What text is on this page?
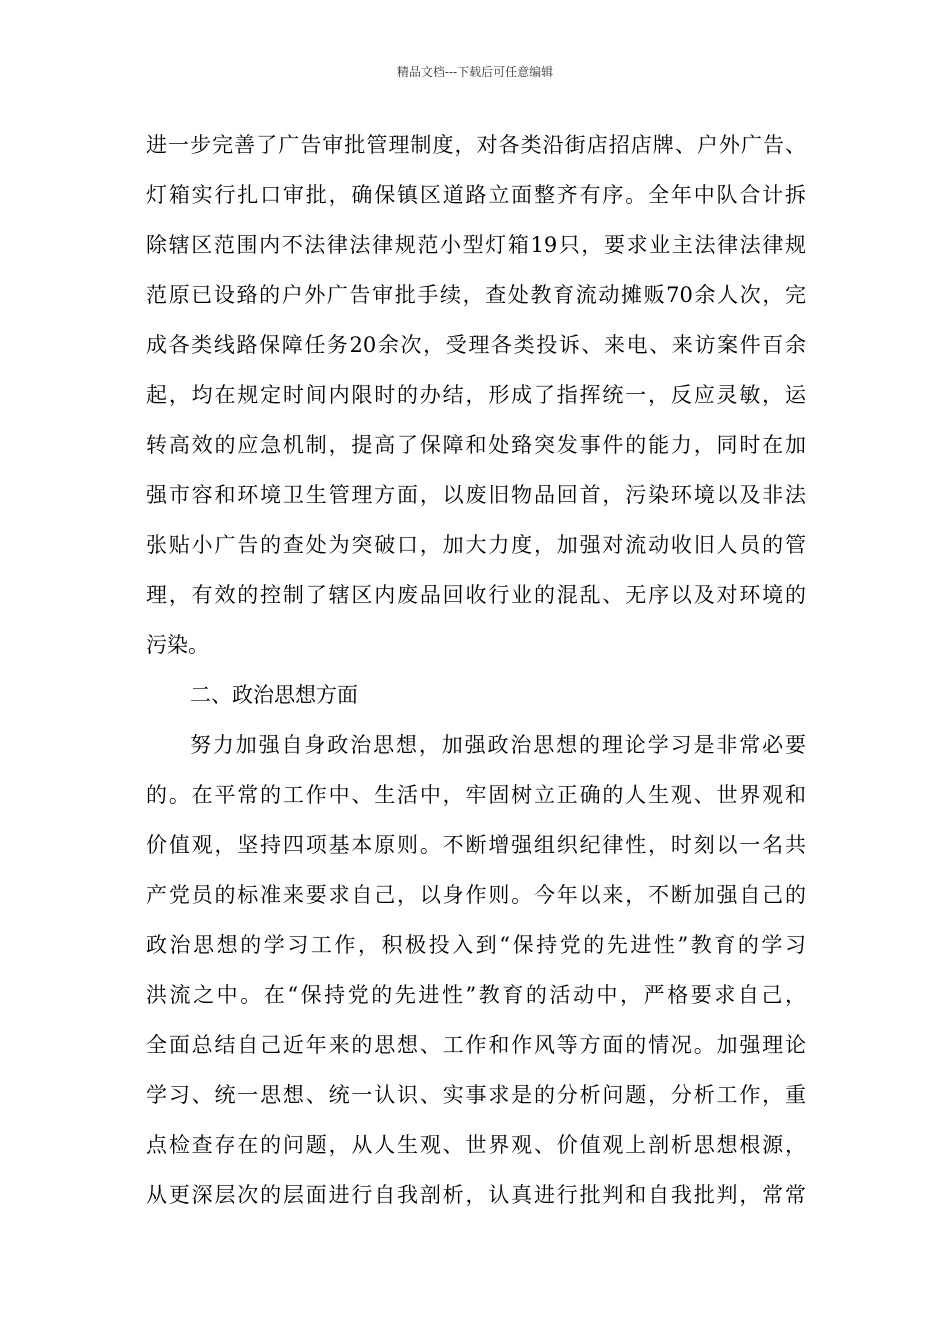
精品文档---下载后可任意编辑
进一步完善了广告审批管理制度，对各类沿街店招店牌、户外广告、
灯箱实行扎口审批，确保镇区道路立面整齐有序。全年中队合计拆
除辖区范围内不法律法律规范小型灯箱19只，要求业主法律法律规
范原已设臵的户外广告审批手续，查处教育流动摊贩70余人次，完
成各类线路保障任务20余次，受理各类投诉、来电、来访案件百余
起，均在规定时间内限时的办结，形成了指挥统一，反应灵敏，运
转高效的应急机制，提高了保障和处臵突发事件的能力，同时在加
强市容和环境卫生管理方面，以废旧物品回首，污染环境以及非法
张贴小广告的查处为突破口，加大力度，加强对流动收旧人员的管
理，有效的控制了辖区内废品回收行业的混乱、无序以及对环境的
污染。
二、政治思想方面
努力加强自身政治思想，加强政治思想的理论学习是非常必要
的。在平常的工作中、生活中，牢固树立正确的人生观、世界观和
价值观，坚持四项基本原则。不断增强组织纪律性，时刻以一名共
产党员的标准来要求自己，以身作则。今年以来，不断加强自己的
政治思想的学习工作，积极投入到“保持党的先进性”教育的学习
洪流之中。在“保持党的先进性”教育的活动中，严格要求自己，
全面总结自己近年来的思想、工作和作风等方面的情况。加强理论
学习、统一思想、统一认识、实事求是的分析问题，分析工作，重
点检查存在的问题，从人生观、世界观、价值观上剖析思想根源，
从更深层次的层面进行自我剖析，认真进行批判和自我批判，常常
